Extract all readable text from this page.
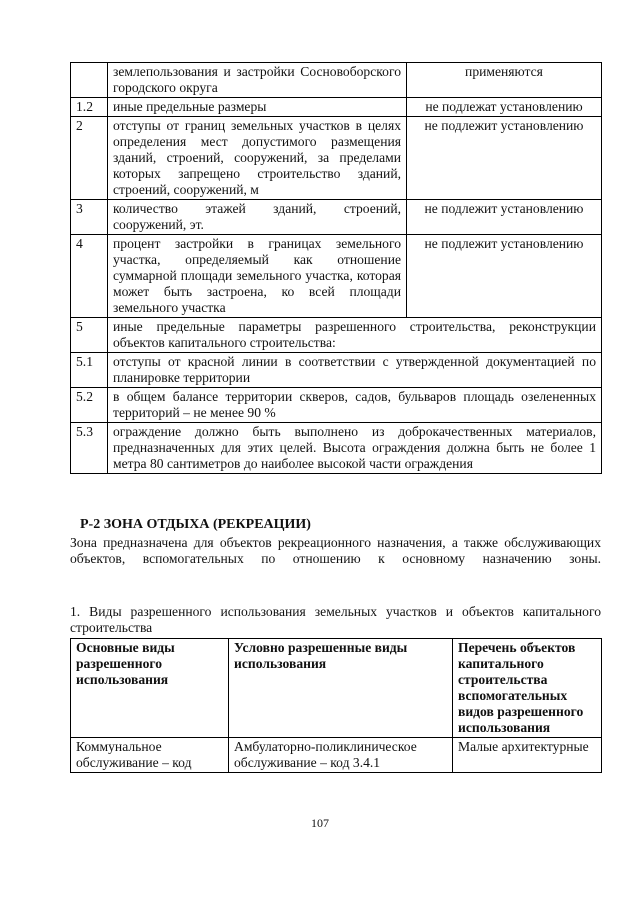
	землепользования и застройки Сосновоборского городского округа	применяются
1.2	иные предельные размеры	не подлежат установлению
2	отступы от границ земельных участков в целях определения мест допустимого размещения зданий, строений, сооружений, за пределами которых запрещено строительство зданий, строений, сооружений, м	не подлежит установлению
3	количество этажей зданий, строений, сооружений, эт.	не подлежит установлению
4	процент застройки в границах земельного участка, определяемый как отношение суммарной площади земельного участка, которая может быть застроена, ко всей площади земельного участка	не подлежит установлению
5	иные предельные параметры разрешенного строительства, реконструкции объектов капитального строительства:	
5.1	отступы от красной линии в соответствии с утвержденной документацией по планировке территории	
5.2	в общем балансе территории скверов, садов, бульваров площадь озелененных территорий – не менее 90 %	
5.3	ограждение должно быть выполнено из доброкачественных материалов, предназначенных для этих целей. Высота ограждения должна быть не более 1 метра 80 сантиметров до наиболее высокой части ограждения	
Р-2 ЗОНА ОТДЫХА (РЕКРЕАЦИИ)
Зона предназначена для объектов рекреационного назначения, а также обслуживающих объектов, вспомогательных по отношению к основному назначению зоны.
1. Виды разрешенного использования земельных участков и объектов капитального строительства
Основные виды разрешенного использования	Условно разрешенные виды использования	Перечень объектов капитального строительства вспомогательных видов разрешенного использования
Коммунальное обслуживание – код	Амбулаторно-поликлиническое обслуживание – код 3.4.1	Малые архитектурные
107
